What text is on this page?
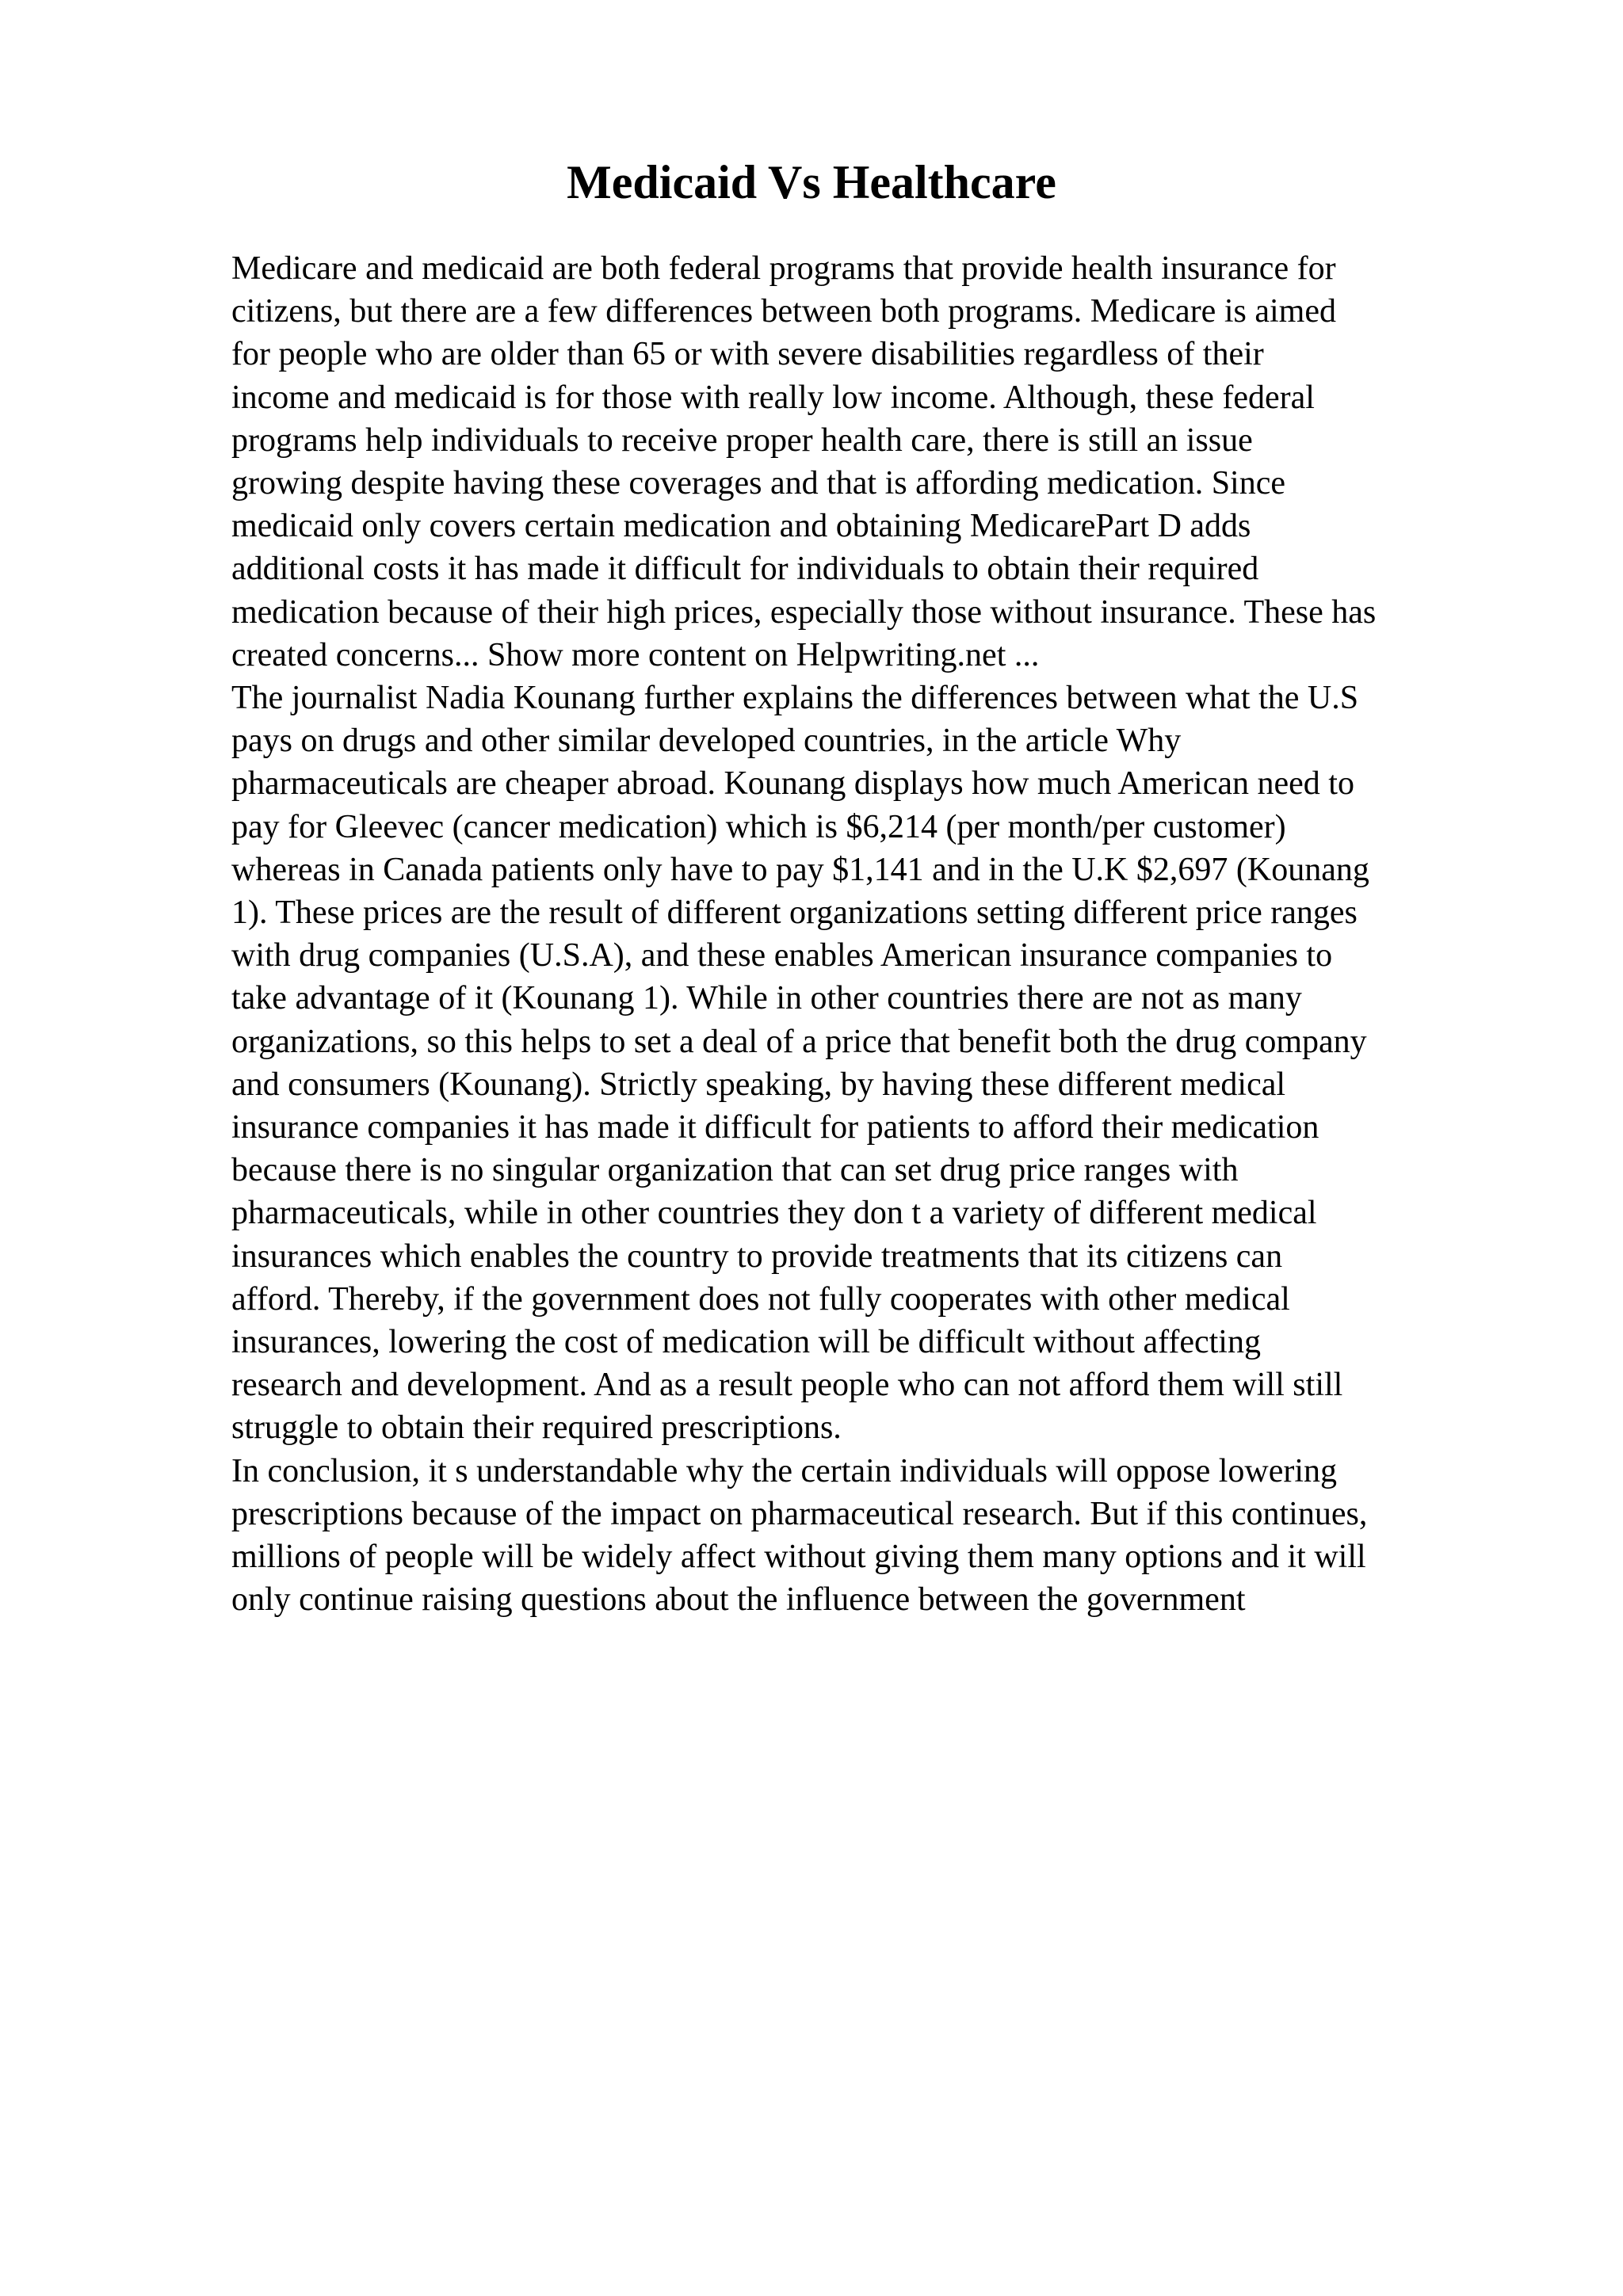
Medicaid Vs Healthcare
Medicare and medicaid are both federal programs that provide health insurance for
citizens, but there are a few differences between both programs. Medicare is aimed
for people who are older than 65 or with severe disabilities regardless of their
income and medicaid is for those with really low income. Although, these federal
programs help individuals to receive proper health care, there is still an issue
growing despite having these coverages and that is affording medication. Since
medicaid only covers certain medication and obtaining MedicarePart D adds
additional costs it has made it difficult for individuals to obtain their required
medication because of their high prices, especially those without insurance. These has
created concerns... Show more content on Helpwriting.net ...
The journalist Nadia Kounang further explains the differences between what the U.S
pays on drugs and other similar developed countries, in the article Why
pharmaceuticals are cheaper abroad. Kounang displays how much American need to
pay for Gleevec (cancer medication) which is $6,214 (per month/per customer)
whereas in Canada patients only have to pay $1,141 and in the U.K $2,697 (Kounang
1). These prices are the result of different organizations setting different price ranges
with drug companies (U.S.A), and these enables American insurance companies to
take advantage of it (Kounang 1). While in other countries there are not as many
organizations, so this helps to set a deal of a price that benefit both the drug company
and consumers (Kounang). Strictly speaking, by having these different medical
insurance companies it has made it difficult for patients to afford their medication
because there is no singular organization that can set drug price ranges with
pharmaceuticals, while in other countries they don t a variety of different medical
insurances which enables the country to provide treatments that its citizens can
afford. Thereby, if the government does not fully cooperates with other medical
insurances, lowering the cost of medication will be difficult without affecting
research and development. And as a result people who can not afford them will still
struggle to obtain their required prescriptions.
In conclusion, it s understandable why the certain individuals will oppose lowering
prescriptions because of the impact on pharmaceutical research. But if this continues,
millions of people will be widely affect without giving them many options and it will
only continue raising questions about the influence between the government
